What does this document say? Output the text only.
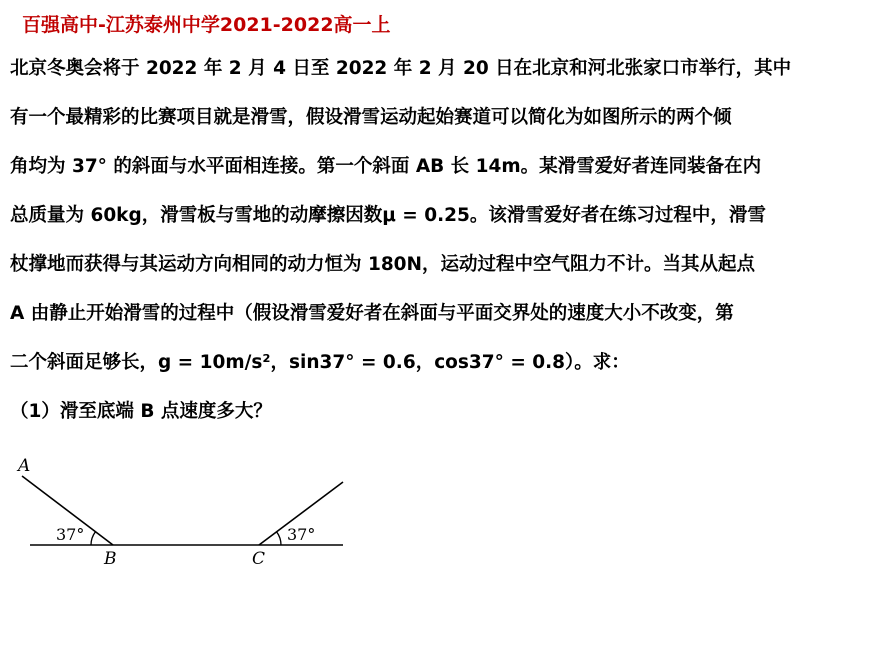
百强高中-江苏泰州中学2021-2022高一上
北京冬奥会将于 2022 年 2 月 4 日至 2022 年 2 月 20 日在北京和河北张家口市举行，其中
有一个最精彩的比赛项目就是滑雪，假设滑雪运动起始赛道可以简化为如图所示的两个倾
角均为 37° 的斜面与水平面相连接。第一个斜面 AB 长 14m。某滑雪爱好者连同装备在内
总质量为 60kg，滑雪板与雪地的动摩擦因数μ = 0.25。该滑雪爱好者在练习过程中，滑雪
杖撑地而获得与其运动方向相同的动力恒为 180N，运动过程中空气阻力不计。当其从起点
A 由静止开始滑雪的过程中（假设滑雪爱好者在斜面与平面交界处的速度大小不改变，第
二个斜面足够长，g = 10m/s²，sin37° = 0.6，cos37° = 0.8）。求：
（1）滑至底端 B 点速度多大？
A
B	C
37°	37°
